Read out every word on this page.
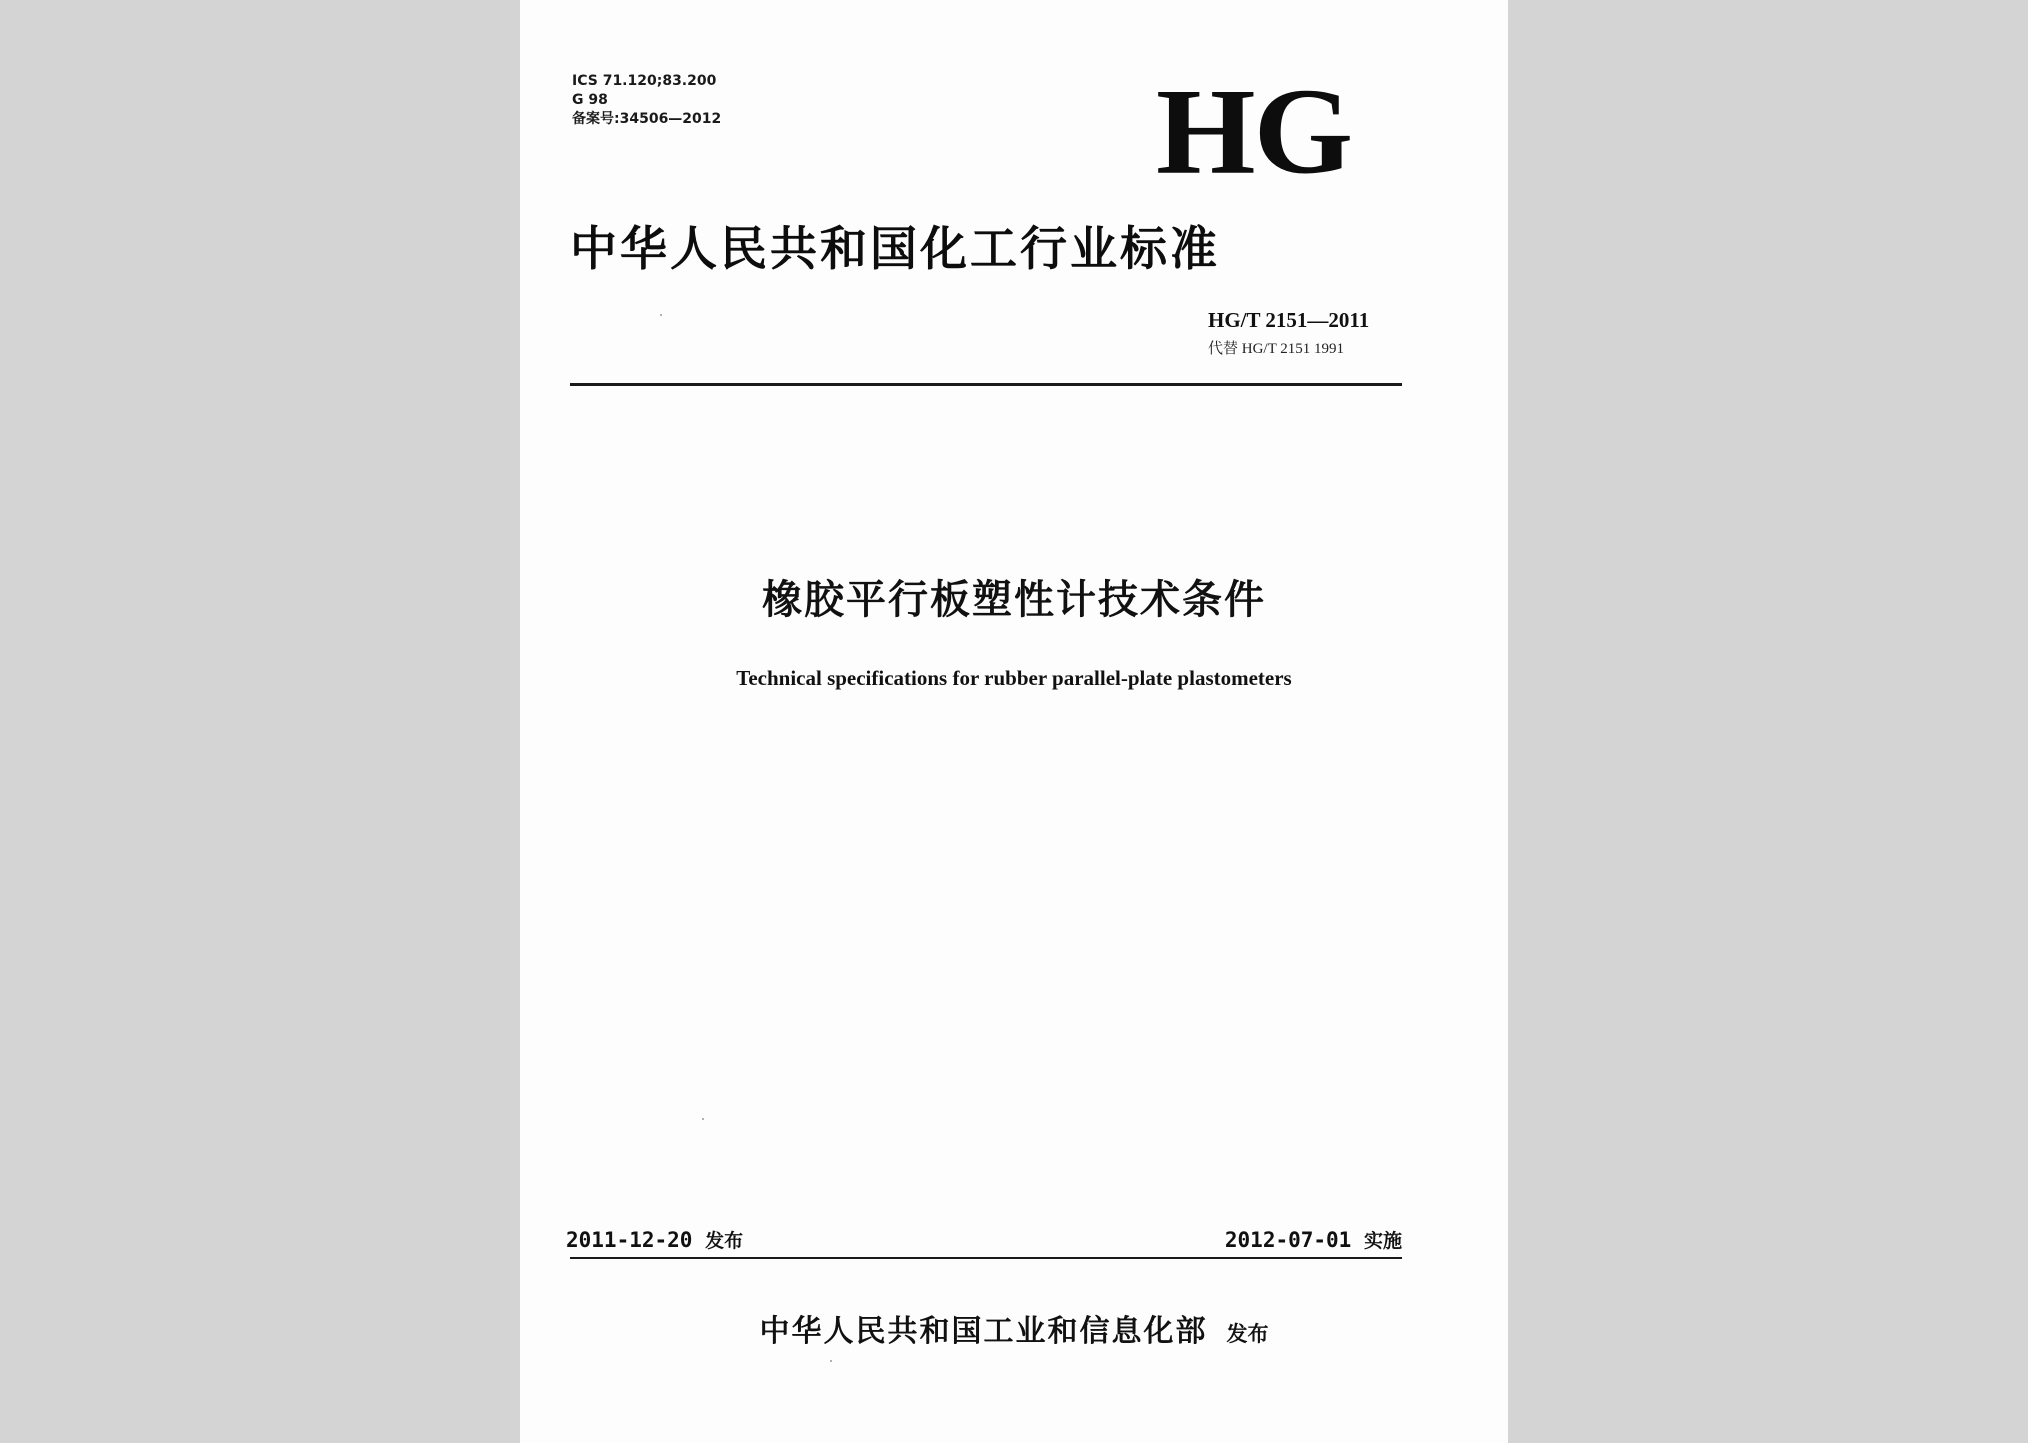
ICS 71.120;83.200
G 98
备案号:34506—2012	HG
中华人民共和国化工行业标准
HG/T 2151—2011
代替 HG/T 2151 1991
橡胶平行板塑性计技术条件
Technical specifications for rubber parallel-plate plastometers
2011-12-20 发布	2012-07-01 实施
中华人民共和国工业和信息化部 发布
